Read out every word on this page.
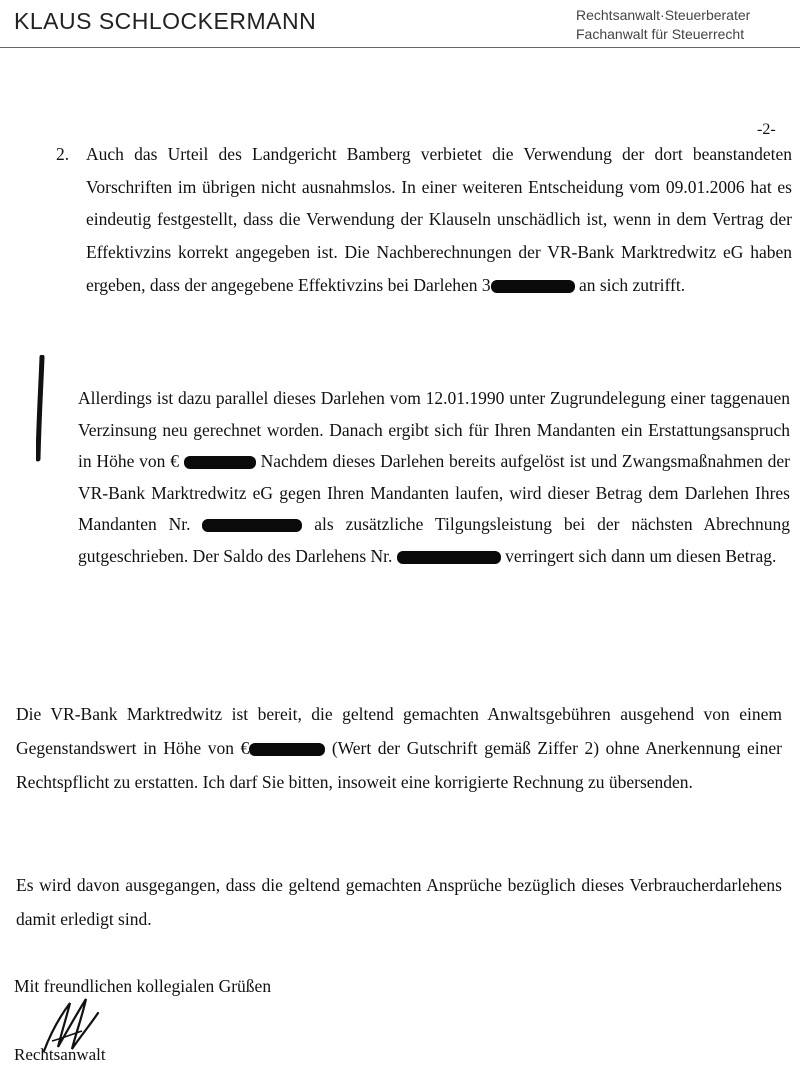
KLAUS SCHLOCKERMANN	Rechtsanwalt·Steuerberater
Fachanwalt für Steuerrecht
-2-
2. Auch das Urteil des Landgericht Bamberg verbietet die Verwendung der dort beanstandeten Vorschriften im übrigen nicht ausnahmslos. In einer weiteren Entscheidung vom 09.01.2006 hat es eindeutig festgestellt, dass die Verwendung der Klauseln unschädlich ist, wenn in dem Vertrag der Effektivzins korrekt angegeben ist. Die Nachberechnungen der VR-Bank Marktredwitz eG haben ergeben, dass der angegebene Effektivzins bei Darlehen 3	an sich zutrifft.

Allerdings ist dazu parallel dieses Darlehen vom 12.01.1990 unter Zugrundelegung einer taggenauen Verzinsung neu gerechnet worden. Danach ergibt sich für Ihren Mandanten ein Erstattungsanspruch in Höhe von €	Nachdem dieses Darlehen bereits aufgelöst ist und Zwangsmaßnahmen der VR-Bank Marktredwitz eG gegen Ihren Mandanten laufen, wird dieser Betrag dem Darlehen Ihres Mandanten Nr.	als zusätzliche Tilgungsleistung bei der nächsten Abrechnung gutgeschrieben. Der Saldo des Darlehens Nr.	verringert sich dann um diesen Betrag.

Die VR-Bank Marktredwitz ist bereit, die geltend gemachten Anwaltsgebühren ausgehend von einem Gegenstandswert in Höhe von €	(Wert der Gutschrift gemäß Ziffer 2) ohne Anerkennung einer Rechtspflicht zu erstatten. Ich darf Sie bitten, insoweit eine korrigierte Rechnung zu übersenden.

Es wird davon ausgegangen, dass die geltend gemachten Ansprüche bezüglich dieses Verbraucherdarlehens damit erledigt sind.

Mit freundlichen kollegialen Grüßen
Rechtsanwalt
